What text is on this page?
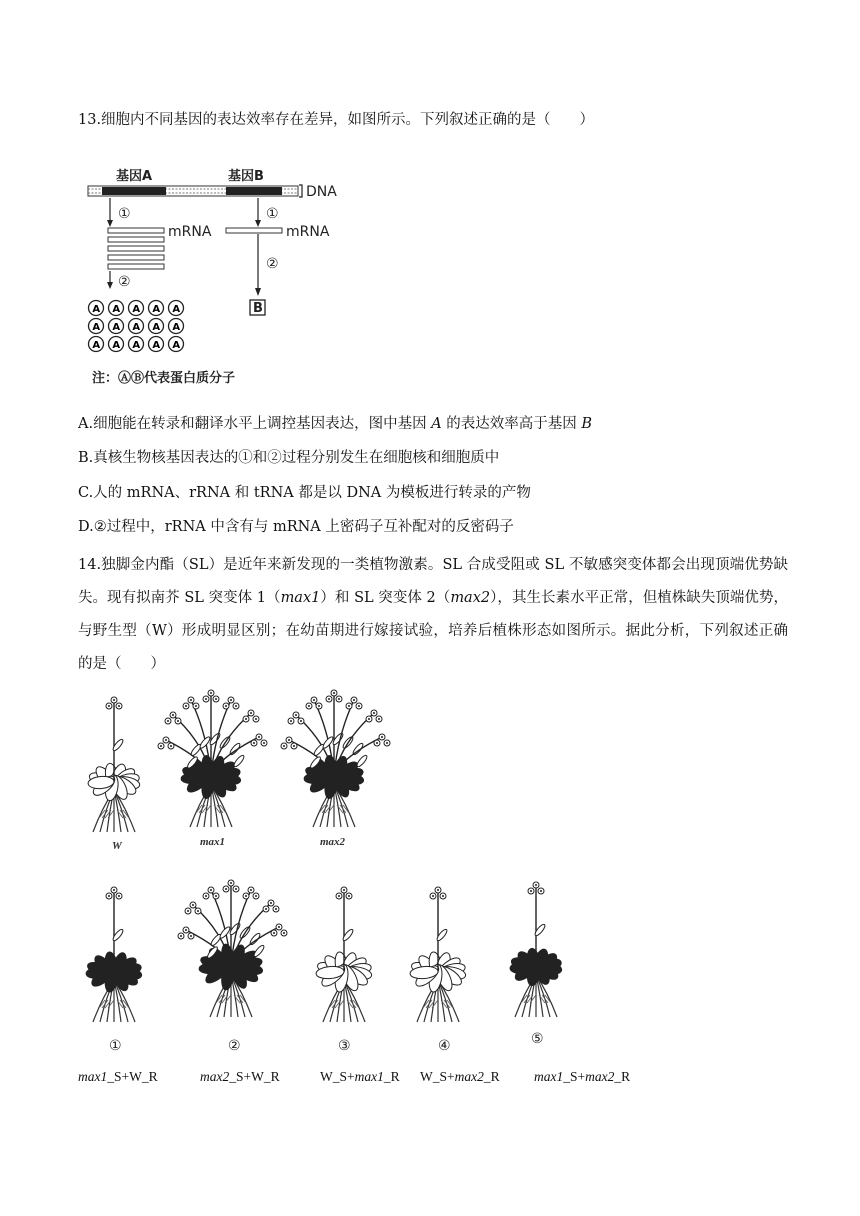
13.细胞内不同基因的表达效率存在差异，如图所示。下列叙述正确的是（　　）
基因A	基因B
DNA
①	①
mRNA	mRNA
②
②
A A A A A
A A A A A
A A A A A
B
注：ⒶⒷ代表蛋白质分子
A.细胞能在转录和翻译水平上调控基因表达，图中基因 A 的表达效率高于基因 B
B.真核生物核基因表达的①和②过程分别发生在细胞核和细胞质中
C.人的 mRNA、rRNA 和 tRNA 都是以 DNA 为模板进行转录的产物
D.②过程中，rRNA 中含有与 mRNA 上密码子互补配对的反密码子
14.独脚金内酯（SL）是近年来新发现的一类植物激素。SL 合成受阻或 SL 不敏感突变体都会出现顶端优势缺失。现有拟南芥 SL 突变体 1（max1）和 SL 突变体 2（max2），其生长素水平正常，但植株缺失顶端优势，与野生型（W）形成明显区别；在幼苗期进行嫁接试验，培养后植株形态如图所示。据此分析，下列叙述正确的是（　　）
W	max1	max2
①	②	③	④	⑤
max1_S+W_R	max2_S+W_R	W_S+max1_R W_S+max2_R	max1_S+max2_R
